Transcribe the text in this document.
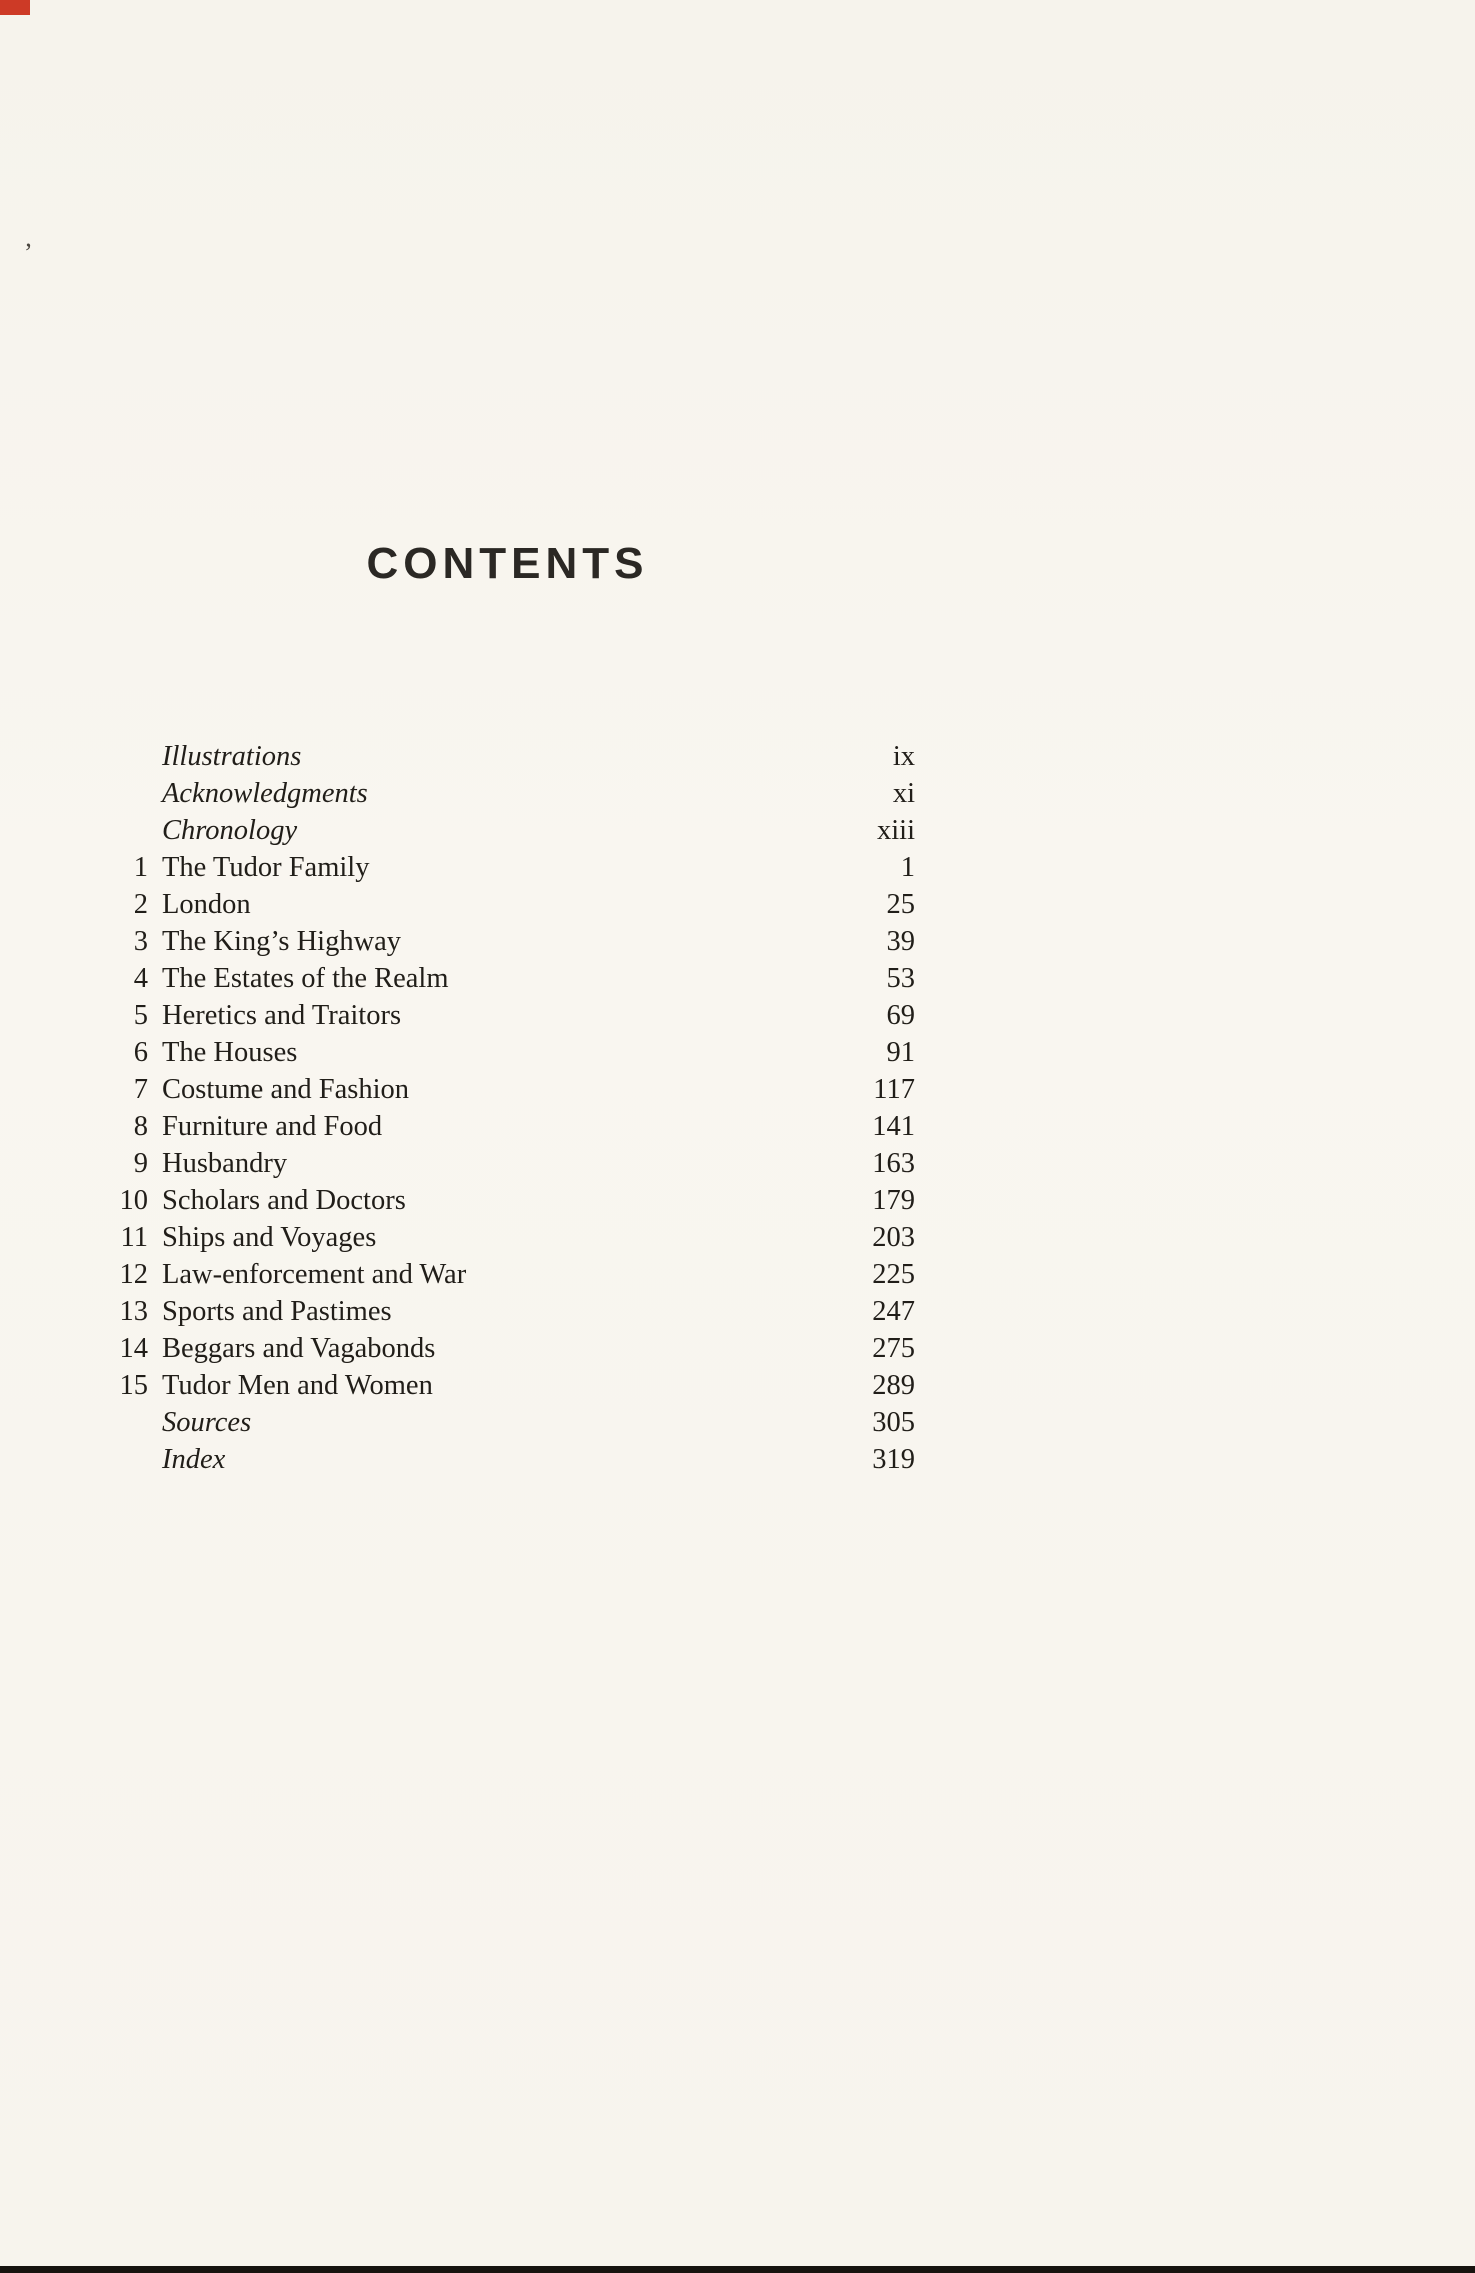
’
CONTENTS
Illustrations	ix
Acknowledgments	xi
Chronology	xiii
1 The Tudor Family	1
2 London	25
3 The King’s Highway	39
4 The Estates of the Realm	53
5 Heretics and Traitors	69
6 The Houses	91
7 Costume and Fashion	117
8 Furniture and Food	141
9 Husbandry	163
10 Scholars and Doctors	179
11 Ships and Voyages	203
12 Law-enforcement and War	225
13 Sports and Pastimes	247
14 Beggars and Vagabonds	275
15 Tudor Men and Women	289
Sources	305
Index	319
